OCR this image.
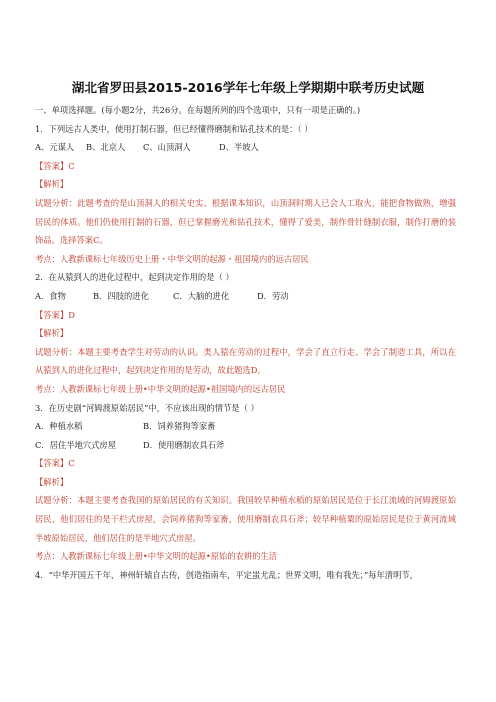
湖北省罗田县2015-2016学年七年级上学期期中联考历史试题
一、单项选择题。(每小题2分，共26分。在每题所列的四个选项中，只有一项是正确的。)
1．下列远古人类中，使用打制石器，但已经懂得磨制和钻孔技术的是：（ ）
A、元谋人 B、北京人 C、山顶洞人	D、半坡人
【答案】C
【解析】
试题分析：此题考查的是山顶洞人的相关史实。根据课本知识，山顶洞时期人已会人工取火，能把食物做熟，增强居民的体质。他们仍使用打制的石器，但已掌握磨光和钻孔技术，懂得了爱美，制作骨针缝制衣服，制作打磨的装饰品。选择答案C。
考点：人教新课标七年级历史上册・中华文明的起源・祖国境内的远古居民
2．在从猿到人的进化过程中，起到决定作用的是（ ）
A．食物	B．四肢的进化	C．大脑的进化	D．劳动
【答案】D
【解析】
试题分析：本题主要考查学生对劳动的认识。类人猿在劳动的过程中，学会了直立行走、学会了制造工具，所以在从猿到人的进化过程中，起到决定作用的是劳动，故此题选D。
考点：人教新课标七年级上册•中华文明的起源•祖国境内的远古居民
3．在历史剧“河姆渡原始居民”中，不应该出现的情节是（ ）
A．种植水稻	B．饲养猪狗等家畜
C．居住半地穴式房屋	D．使用磨制农具石斧
【答案】C
【解析】
试题分析：本题主要考查我国的原始居民的有关知识。我国较早种植水稻的原始居民是位于长江流域的河姆渡原始居民，他们居住的是干栏式房屋，会饲养猪狗等家畜，使用磨制农具石斧；较早种植粟的原始居民是位于黄河流域半坡原始居民，他们居住的是半地穴式房屋。
考点：人教新课标七年级上册•中华文明的起源•原始的农耕的生活
4．“中华开国五千年，神州轩辕自古传，创造指南车，平定蚩尤乱；世界文明，唯有我先；”每年清明节，
